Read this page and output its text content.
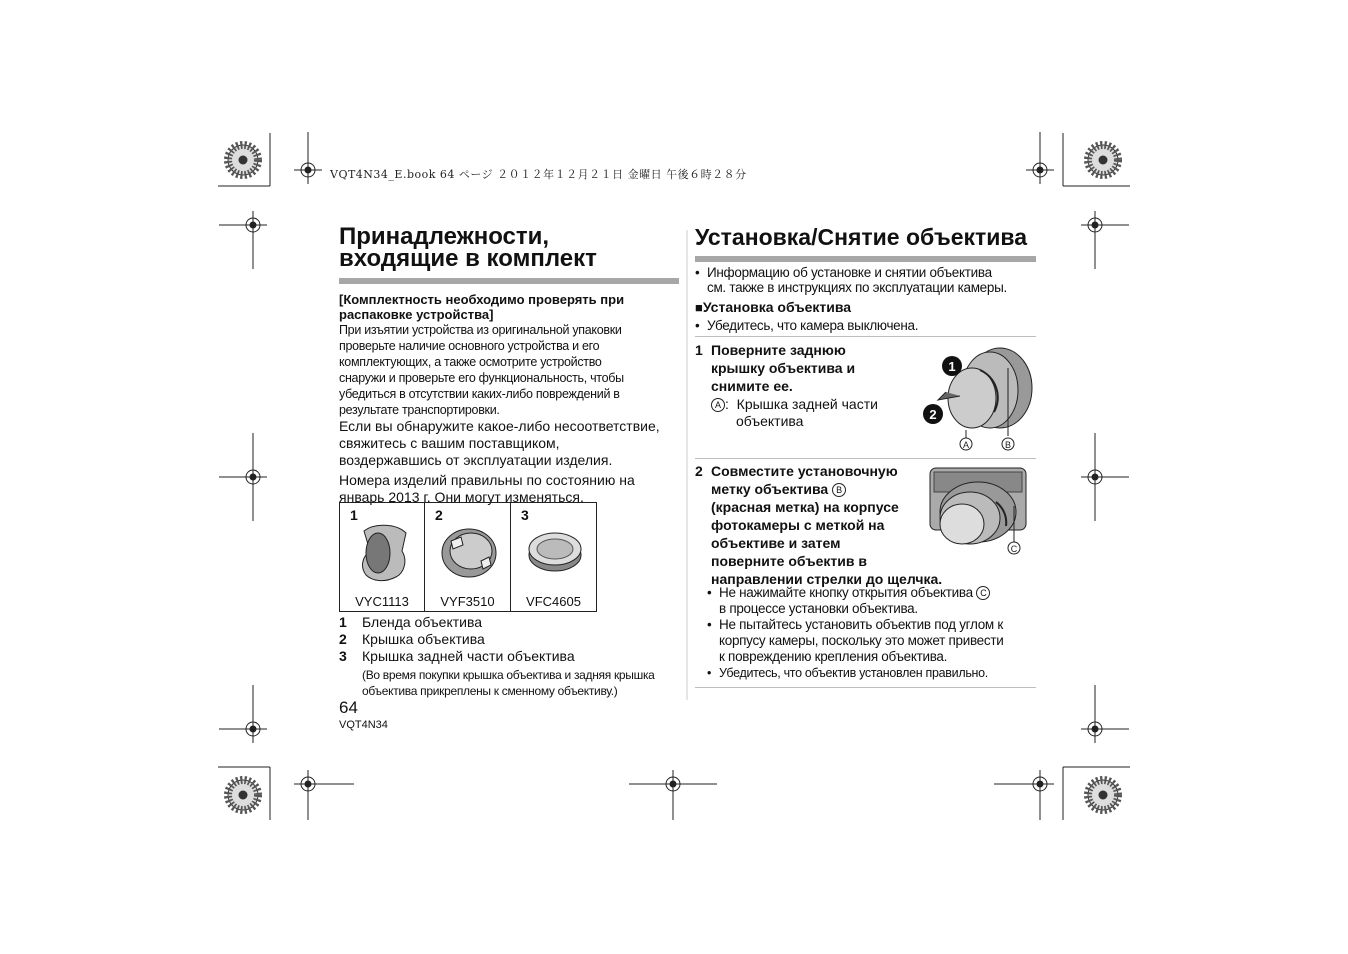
VQT4N34_E.book 64 ページ ２０１２年１２月２１日 金曜日 午後６時２８分
Принадлежности,
входящие в комплект
[Комплектность необходимо проверять при
распаковке устройства]
При изъятии устройства из оригинальной упаковки
проверьте наличие основного устройства и его
комплектующих, а также осмотрите устройство
снаружи и проверьте его функциональность, чтобы
убедиться в отсутствии каких-либо повреждений в
результате транспортировки.
Если вы обнаружите какое-либо несоответствие,
свяжитесь с вашим поставщиком,
воздержавшись от эксплуатации изделия.
Номера изделий правильны по состоянию на
январь 2013 г. Они могут изменяться.
1
VYC1113
2
VYF3510
3
VFC4605
1 Бленда объектива
2 Крышка объектива
3 Крышка задней части объектива
(Во время покупки крышка объектива и задняя крышка
объектива прикреплены к сменному объективу.)
64
VQT4N34
Установка/Снятие объектива
• Информацию об установке и снятии объектива
см. также в инструкциях по эксплуатации камеры.
■Установка объектива
• Убедитесь, что камера выключена.
1 Поверните заднюю
крышку объектива и
снимите ее.
A :  Крышка задней части
объектива
1
2
A	B
2 Совместите установочную
метку объектива B
(красная метка) на корпусе
фотокамеры с меткой на
объективе и затем
поверните объектив в
направлении стрелки до щелчка.
C
• Не нажимайте кнопку открытия объектива C
в процессе установки объектива.
• Не пытайтесь установить объектив под углом к
корпусу камеры, поскольку это может привести
к повреждению крепления объектива.
• Убедитесь, что объектив установлен правильно.
